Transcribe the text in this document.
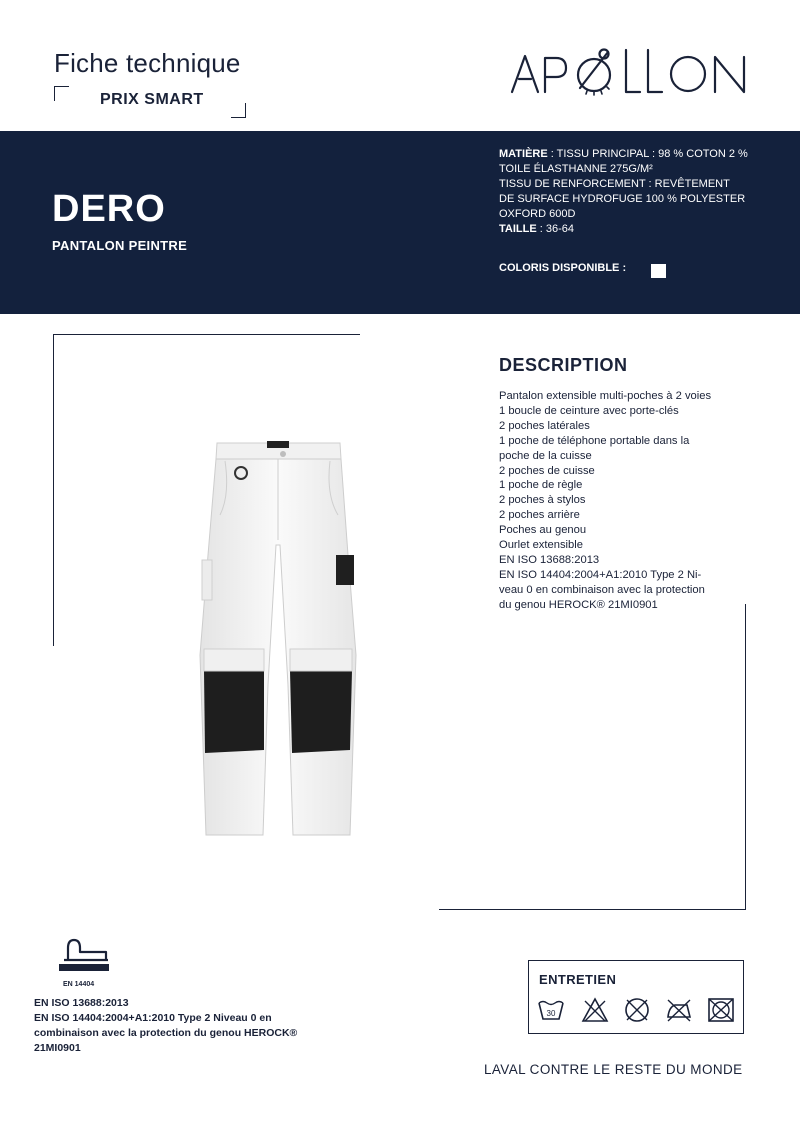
Fiche technique
PRIX SMART
APOLLON
DERO
PANTALON PEINTRE
MATIÈRE : TISSU PRINCIPAL : 98 % COTON 2 %
TOILE ÉLASTHANNE 275G/M²
TISSU DE RENFORCEMENT : REVÊTEMENT
DE SURFACE HYDROFUGE 100 % POLYESTER
OXFORD 600D
TAILLE : 36-64
COLORIS DISPONIBLE :
DESCRIPTION
Pantalon extensible multi-poches à 2 voies
1 boucle de ceinture avec porte-clés
2 poches latérales
1 poche de téléphone portable dans la
poche de la cuisse
2 poches de cuisse
1 poche de règle
2 poches à stylos
2 poches arrière
Poches au genou
Ourlet extensible
EN ISO 13688:2013
EN ISO 14404:2004+A1:2010 Type 2 Ni-
veau 0 en combinaison avec la protection
du genou HEROCK® 21MI0901
EN 14404
EN ISO 13688:2013
EN ISO 14404:2004+A1:2010 Type 2 Niveau 0 en
combinaison avec la protection du genou HEROCK®
21MI0901
ENTRETIEN
30
LAVAL CONTRE LE RESTE DU MONDE
